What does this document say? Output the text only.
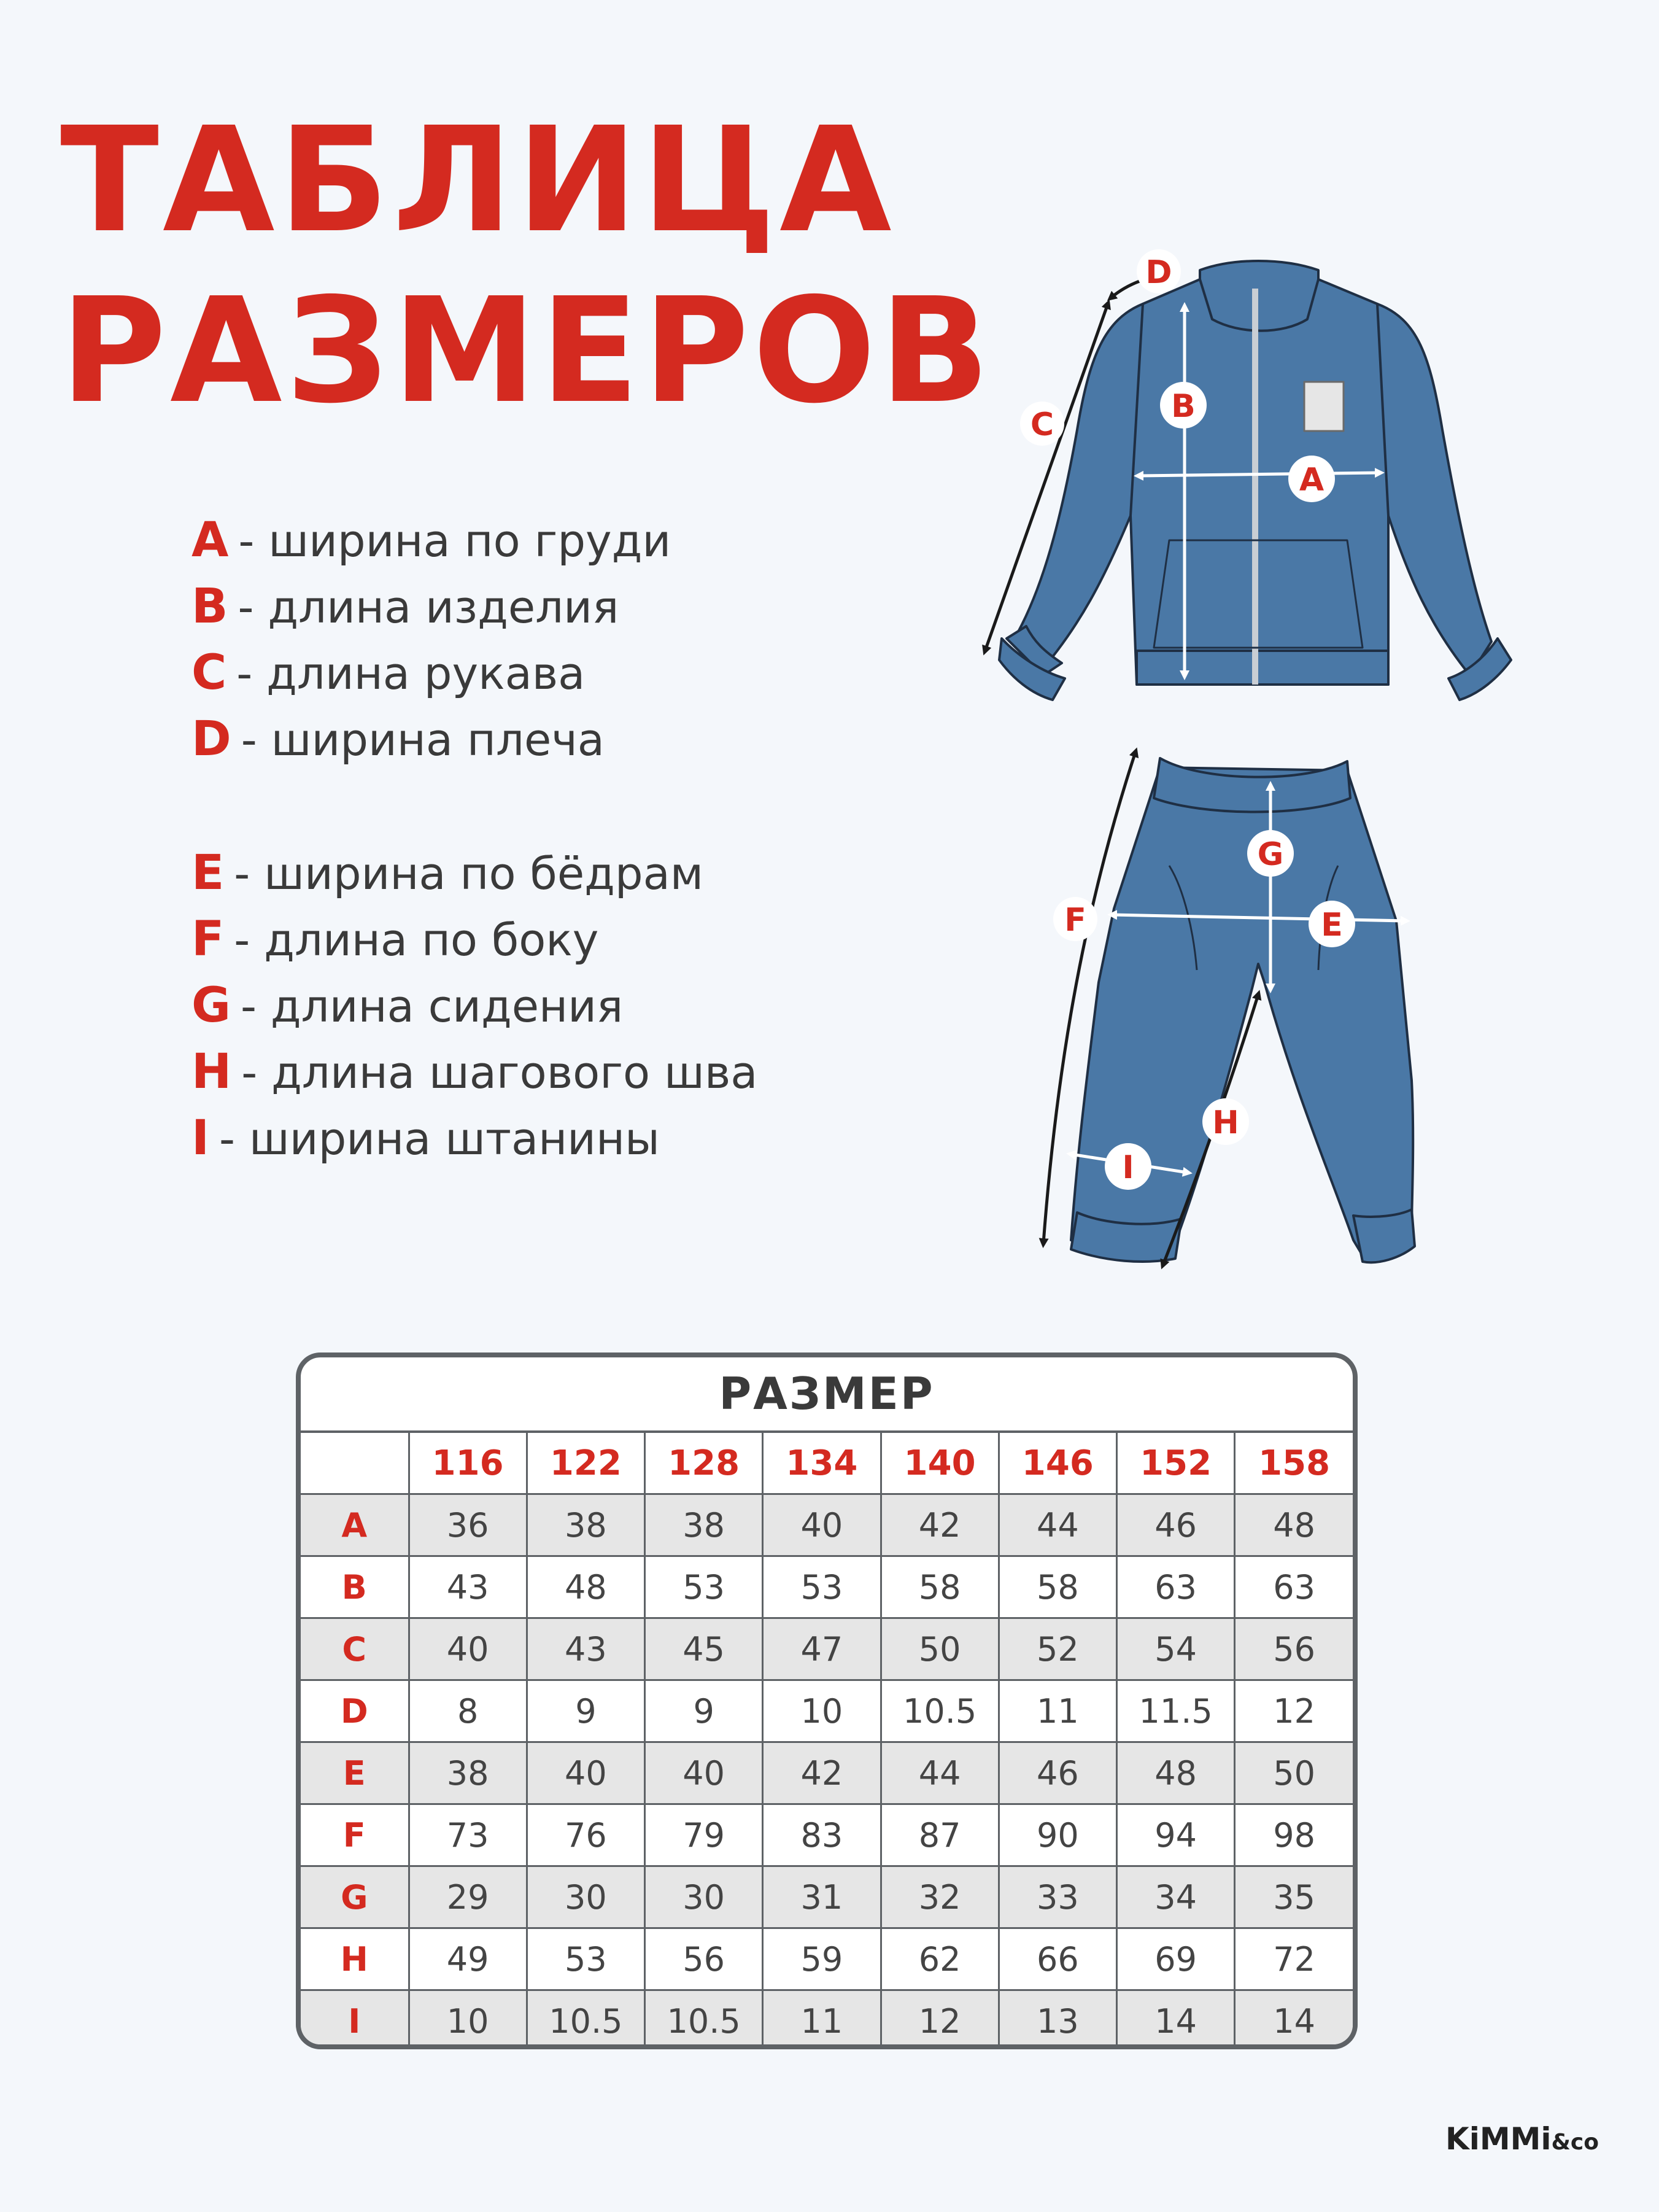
ТАБЛИЦА
РАЗМЕРОВ
A - ширина по груди
B - длина изделия
C - длина рукава
D - ширина плеча
E - ширина по бёдрам
F - длина по боку
G - длина сидения
H - длина шагового шва
I - ширина штанины
D
B
C
A
G
F	E
H
I
РАЗМЕР
	116	122	128	134	140	146	152	158
A	36	38	38	40	42	44	46	48
B	43	48	53	53	58	58	63	63
C	40	43	45	47	50	52	54	56
D	8	9	9	10	10.5	11	11.5	12
E	38	40	40	42	44	46	48	50
F	73	76	79	83	87	90	94	98
G	29	30	30	31	32	33	34	35
H	49	53	56	59	62	66	69	72
I	10	10.5	10.5	11	12	13	14	14
KiMMi&co
